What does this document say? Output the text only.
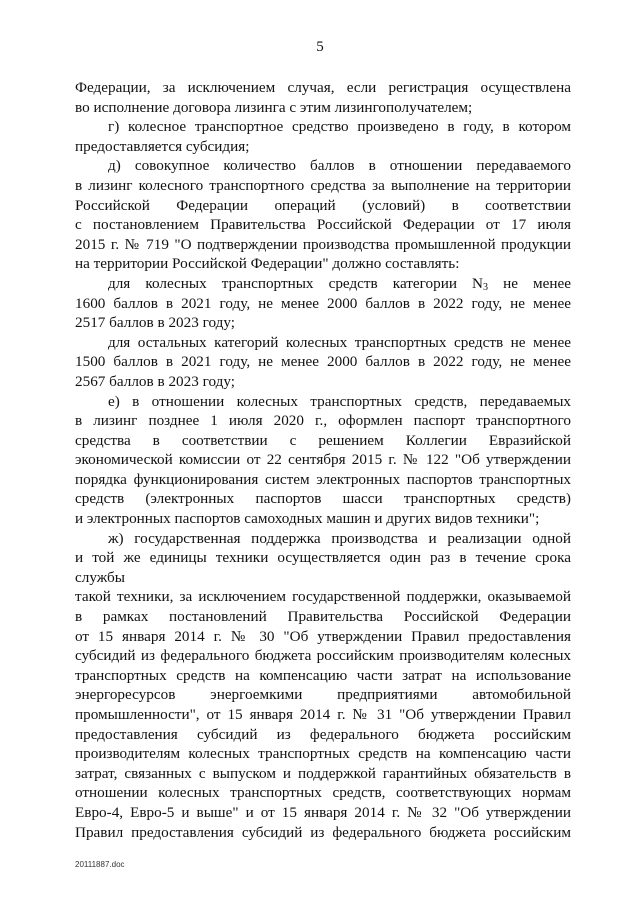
5

Федерации, за исключением случая, если регистрация осуществлена

во исполнение договора лизинга с этим лизингополучателем;

г) колесное транспортное средство произведено в году, в котором

предоставляется субсидия;

д) совокупное количество баллов в отношении передаваемого

в лизинг колесного транспортного средства за выполнение на территории

Российской Федерации операций (условий) в соответствии

с постановлением Правительства Российской Федерации от 17 июля

2015 г. № 719 "О подтверждении производства промышленной продукции

на территории Российской Федерации" должно составлять:

для колесных транспортных средств категории $N_3$ не менее

1600 баллов в 2021 году, не менее 2000 баллов в 2022 году, не менее

2517 баллов в 2023 году;

для остальных категорий колесных транспортных средств не менее

1500 баллов в 2021 году, не менее 2000 баллов в 2022 году, не менее

2567 баллов в 2023 году;

е) в отношении колесных транспортных средств, передаваемых

в лизинг позднее 1 июля 2020 г., оформлен паспорт транспортного

средства в соответствии с решением Коллегии Евразийской

экономической комиссии от 22 сентября 2015 г. № 122 "Об утверждении

порядка функционирования систем электронных паспортов транспортных

средств (электронных паспортов шасси транспортных средств)

и электронных паспортов самоходных машин и других видов техники";

ж) государственная поддержка производства и реализации одной

и той же единицы техники осуществляется один раз в течение срока службы

такой техники, за исключением государственной поддержки, оказываемой

в рамках постановлений Правительства Российской Федерации

от 15 января 2014 г. № 30 "Об утверждении Правил предоставления

субсидий из федерального бюджета российским производителям колесных

транспортных средств на компенсацию части затрат на использование

энергоресурсов энергоемкими предприятиями автомобильной

промышленности", от 15 января 2014 г. № 31 "Об утверждении Правил

предоставления субсидий из федерального бюджета российским

производителям колесных транспортных средств на компенсацию части

затрат, связанных с выпуском и поддержкой гарантийных обязательств в

отношении колесных транспортных средств, соответствующих нормам

Евро-4, Евро-5 и выше" и от 15 января 2014 г. № 32 "Об утверждении

Правил предоставления субсидий из федерального бюджета российским

20111887.doc
